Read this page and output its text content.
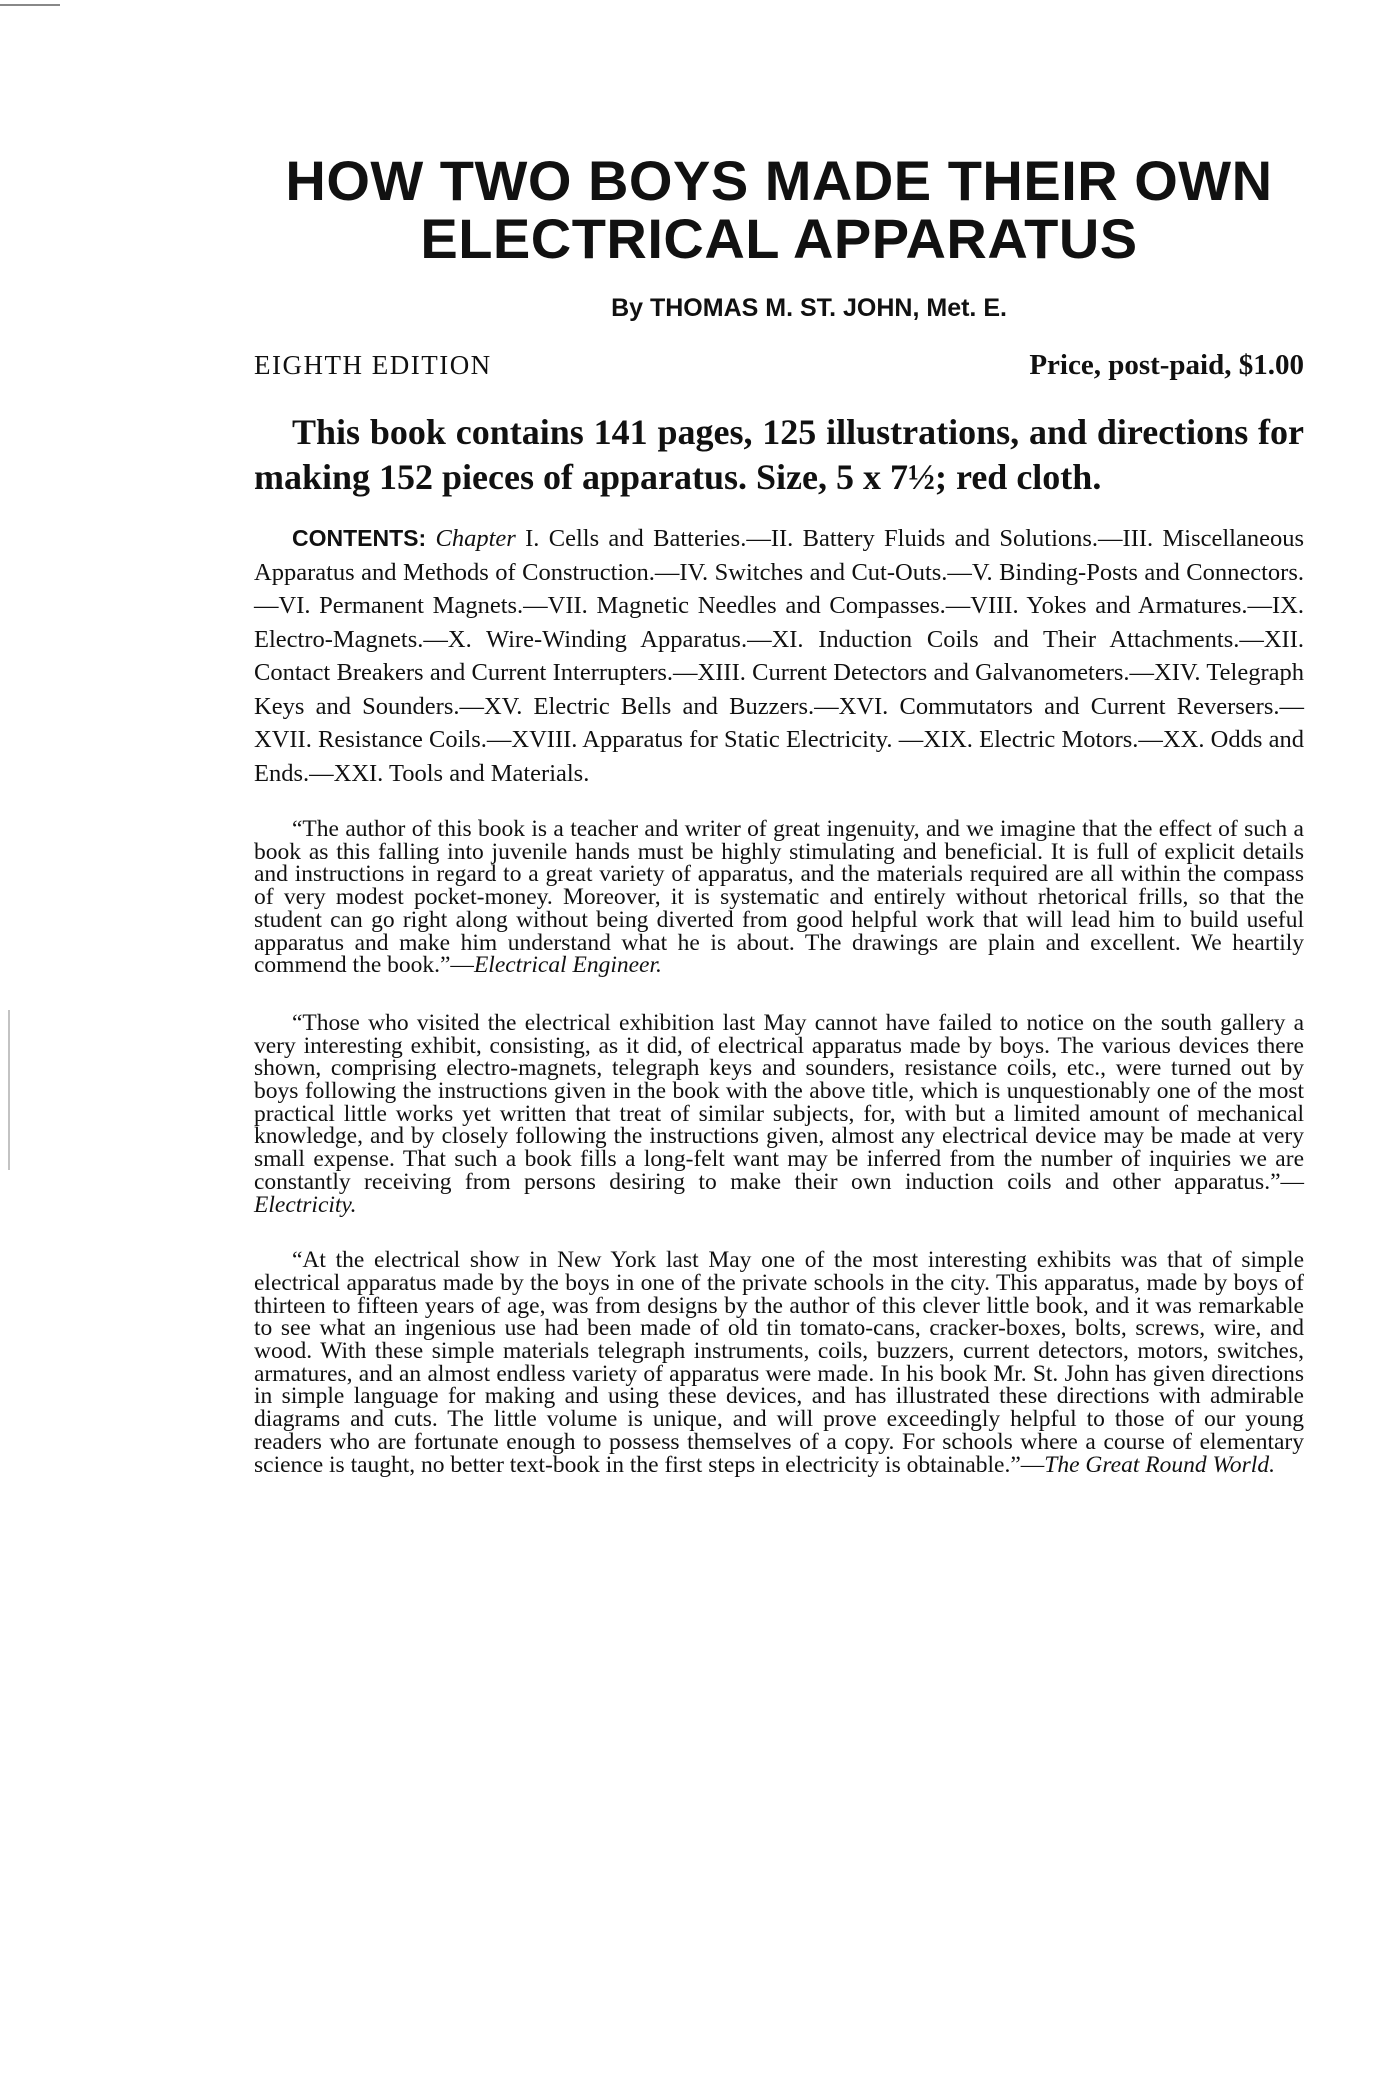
HOW TWO BOYS MADE THEIR OWN
ELECTRICAL APPARATUS
By THOMAS M. ST. JOHN, Met. E.
EIGHTH EDITION	Price, post-paid, $1.00

This book contains 141 pages, 125 illustrations, and directions for making 152 pieces of apparatus. Size, 5 x 7½; red cloth.

CONTENTS: Chapter I. Cells and Batteries.—II. Battery Fluids and Solutions.—III. Miscellaneous Apparatus and Methods of Construction.—IV. Switches and Cut-Outs.—V. Binding-Posts and Connectors.—VI. Permanent Magnets.—VII. Magnetic Needles and Compasses.—VIII. Yokes and Armatures.—IX. Electro-Magnets.—X. Wire-Winding Apparatus.—XI. Induction Coils and Their Attachments.—XII. Contact Breakers and Current Interrupters.—XIII. Current Detectors and Galvanometers.—XIV. Telegraph Keys and Sounders.—XV. Electric Bells and Buzzers.—XVI. Commutators and Current Reversers.—XVII. Resistance Coils.—XVIII. Apparatus for Static Electricity. —XIX. Electric Motors.—XX. Odds and Ends.—XXI. Tools and Materials.

“The author of this book is a teacher and writer of great ingenuity, and we imagine that the effect of such a book as this falling into juvenile hands must be highly stimulating and beneficial. It is full of explicit details and instructions in regard to a great variety of apparatus, and the materials required are all within the compass of very modest pocket-money. Moreover, it is systematic and entirely without rhetorical frills, so that the student can go right along without being diverted from good helpful work that will lead him to build useful apparatus and make him understand what he is about. The drawings are plain and excellent. We heartily commend the book.”—Electrical Engineer.

“Those who visited the electrical exhibition last May cannot have failed to notice on the south gallery a very interesting exhibit, consisting, as it did, of electrical apparatus made by boys. The various devices there shown, comprising electro-magnets, telegraph keys and sounders, resistance coils, etc., were turned out by boys following the instructions given in the book with the above title, which is unquestionably one of the most practical little works yet written that treat of similar subjects, for, with but a limited amount of mechanical knowledge, and by closely following the instructions given, almost any electrical device may be made at very small expense. That such a book fills a long-felt want may be inferred from the number of inquiries we are constantly receiving from persons desiring to make their own induction coils and other apparatus.”—Electricity.

“At the electrical show in New York last May one of the most interesting exhibits was that of simple electrical apparatus made by the boys in one of the private schools in the city. This apparatus, made by boys of thirteen to fifteen years of age, was from designs by the author of this clever little book, and it was remarkable to see what an ingenious use had been made of old tin tomato-cans, cracker-boxes, bolts, screws, wire, and wood. With these simple materials telegraph instruments, coils, buzzers, current detectors, motors, switches, armatures, and an almost endless variety of apparatus were made. In his book Mr. St. John has given directions in simple language for making and using these devices, and has illustrated these directions with admirable diagrams and cuts. The little volume is unique, and will prove exceedingly helpful to those of our young readers who are fortunate enough to possess themselves of a copy. For schools where a course of elementary science is taught, no better text-book in the first steps in electricity is obtainable.”—The Great Round World.
